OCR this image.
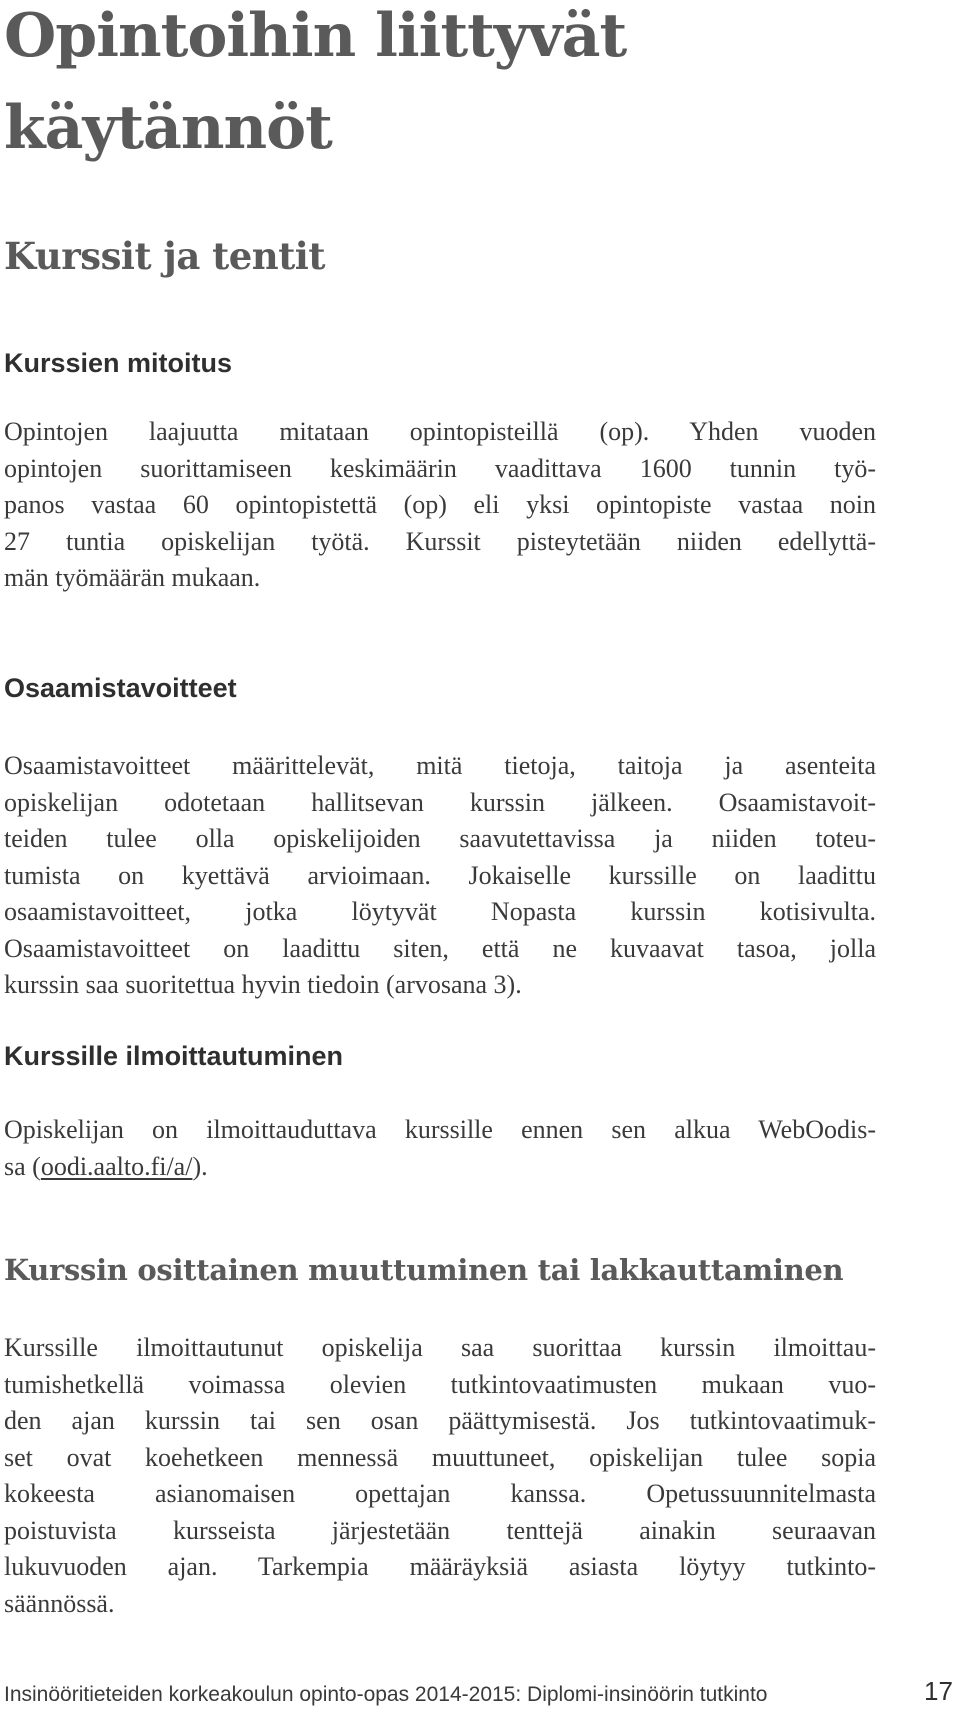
Opintoihin liittyvät
käytännöt
Kurssit ja tentit
Kurssien mitoitus

Opintojen laajuutta mitataan opintopisteillä (op). Yhden vuoden
opintojen suorittamiseen keskimäärin vaadittava 1600 tunnin työ-
panos vastaa 60 opintopistettä (op) eli yksi opintopiste vastaa noin
27 tuntia opiskelijan työtä. Kurssit pisteytetään niiden edellyttä-
män työmäärän mukaan.

Osaamistavoitteet

Osaamistavoitteet määrittelevät, mitä tietoja, taitoja ja asenteita
opiskelijan odotetaan hallitsevan kurssin jälkeen. Osaamistavoit-
teiden tulee olla opiskelijoiden saavutettavissa ja niiden toteu-
tumista on kyettävä arvioimaan. Jokaiselle kurssille on laadittu
osaamistavoitteet, jotka löytyvät Nopasta kurssin kotisivulta.
Osaamistavoitteet on laadittu siten, että ne kuvaavat tasoa, jolla
kurssin saa suoritettua hyvin tiedoin (arvosana 3).

Kurssille ilmoittautuminen

Opiskelijan on ilmoittauduttava kurssille ennen sen alkua WebOodis-
sa (oodi.aalto.fi/a/).

Kurssin osittainen muuttuminen tai lakkauttaminen

Kurssille ilmoittautunut opiskelija saa suorittaa kurssin ilmoittau-
tumishetkellä voimassa olevien tutkintovaatimusten mukaan vuo-
den ajan kurssin tai sen osan päättymisestä. Jos tutkintovaatimuk-
set ovat koehetkeen mennessä muuttuneet, opiskelijan tulee sopia
kokeesta asianomaisen opettajan kanssa. Opetussuunnitelmasta
poistuvista kursseista järjestetään tenttejä ainakin seuraavan
lukuvuoden ajan. Tarkempia määräyksiä asiasta löytyy tutkinto-
säännössä.

Insinööritieteiden korkeakoulun opinto-opas 2014-2015: Diplomi-insinöörin tutkinto	17
